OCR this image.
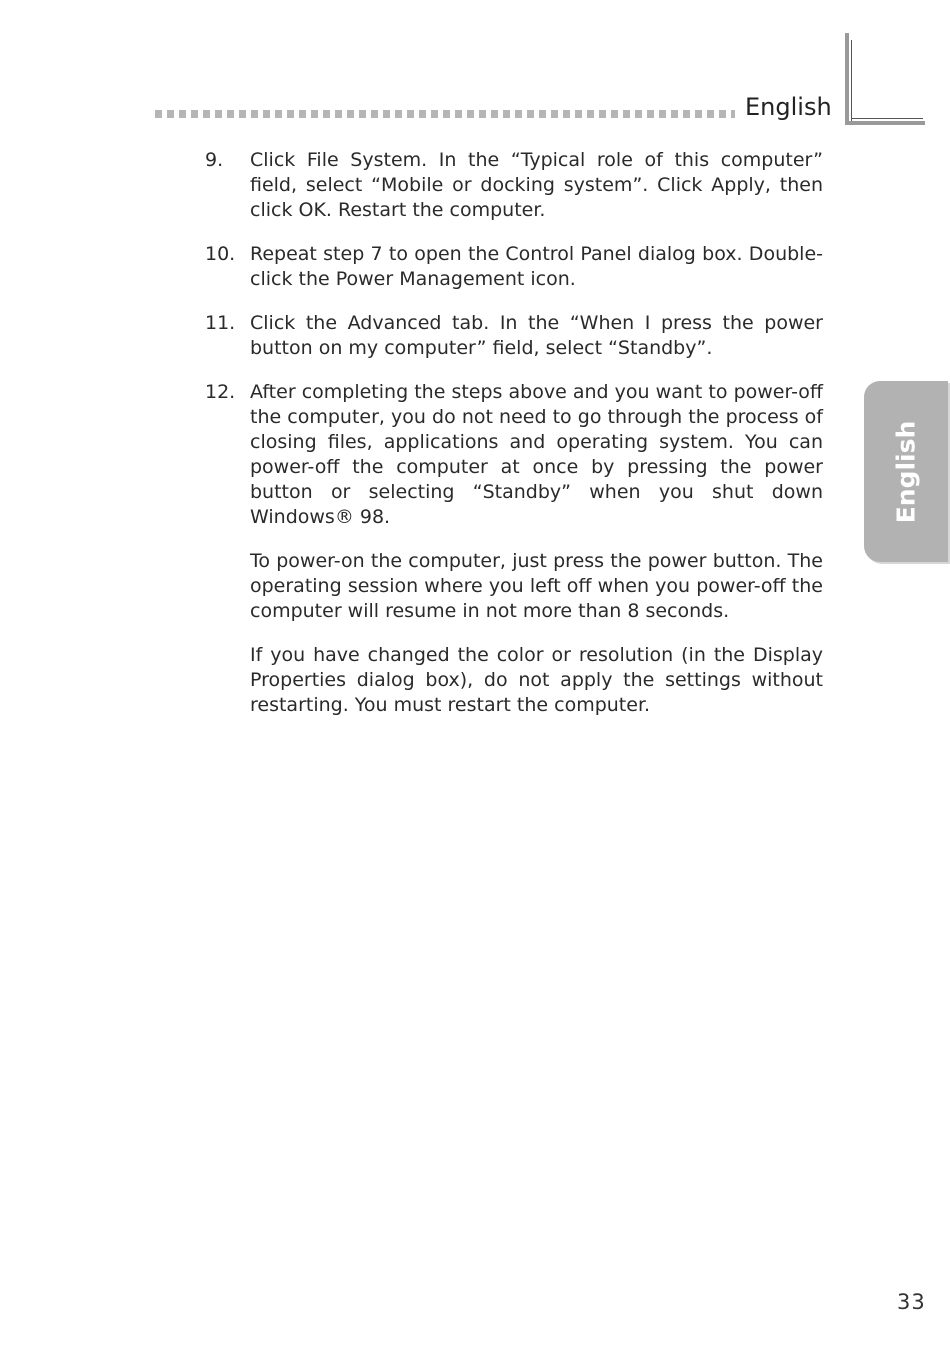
English
English
9.	Click File System. In the “Typical role of this computer” field, select “Mobile or docking system”. Click Apply, then click OK. Restart the computer.
10. Repeat step 7 to open the Control Panel dialog box. Double-click the Power Management icon.
11. Click the Advanced tab. In the “When I press the power button on my computer” field, select “Standby”.
12. After completing the steps above and you want to power-off the computer, you do not need to go through the process of closing files, applications and operating system. You can power-off the computer at once by pressing the power button or selecting “Standby” when you shut down Windows® 98.
To power-on the computer, just press the power button. The operating session where you left off when you power-off the computer will resume in not more than 8 seconds.
If you have changed the color or resolution (in the Display Properties dialog box), do not apply the settings without restarting. You must restart the computer.
33
